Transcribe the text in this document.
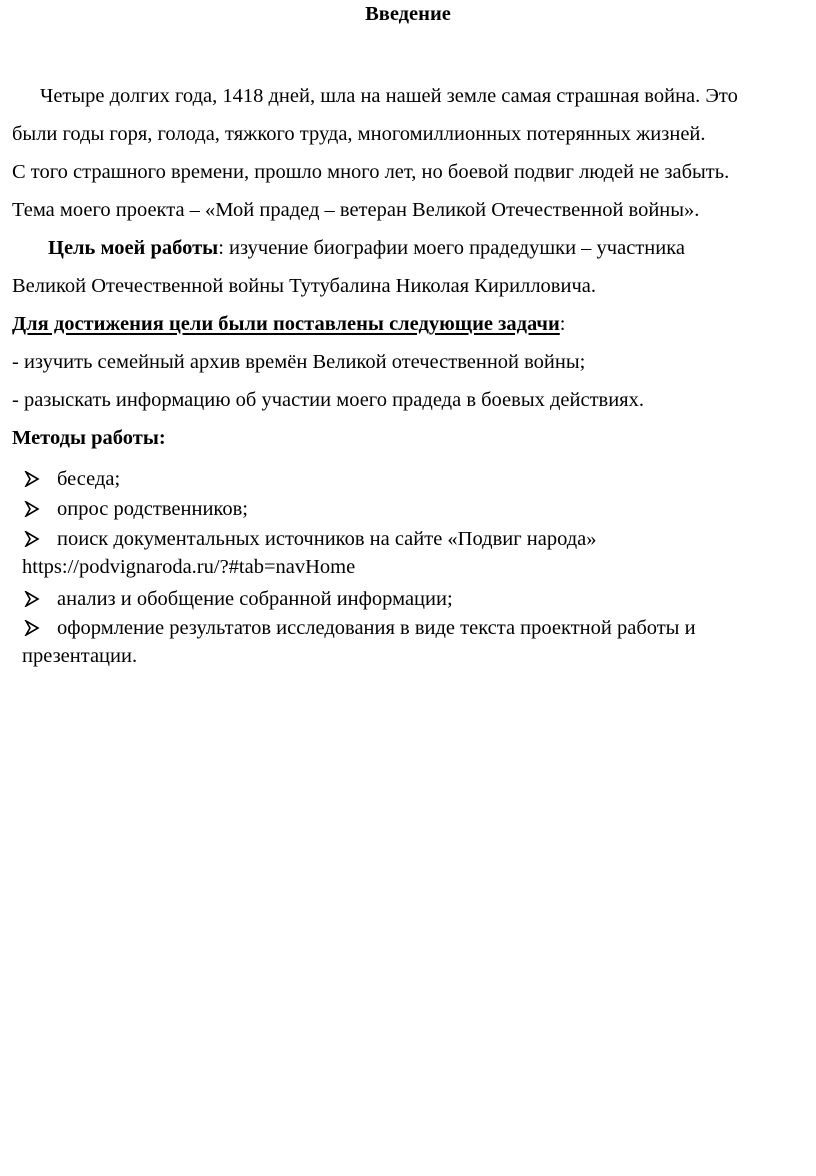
Введение
Четыре долгих года, 1418 дней, шла на нашей земле самая страшная война. Это
были годы горя, голода, тяжкого труда, многомиллионных потерянных жизней.
С того страшного времени, прошло много лет, но боевой подвиг людей не забыть.
Тема моего проекта – «Мой прадед – ветеран Великой Отечественной войны».
Цель моей работы: изучение биографии моего прадедушки – участника
Великой Отечественной войны Тутубалина Николая Кирилловича.
Для достижения цели были поставлены следующие задачи:
- изучить семейный архив времён Великой отечественной войны;
- разыскать информацию об участии моего прадеда в боевых действиях.
Методы работы:
беседа;
опрос родственников;
поиск документальных источников на сайте «Подвиг народа»
https://podvignaroda.ru/?#tab=navHome
анализ и обобщение собранной информации;
оформление результатов исследования в виде текста проектной работы и
презентации.
